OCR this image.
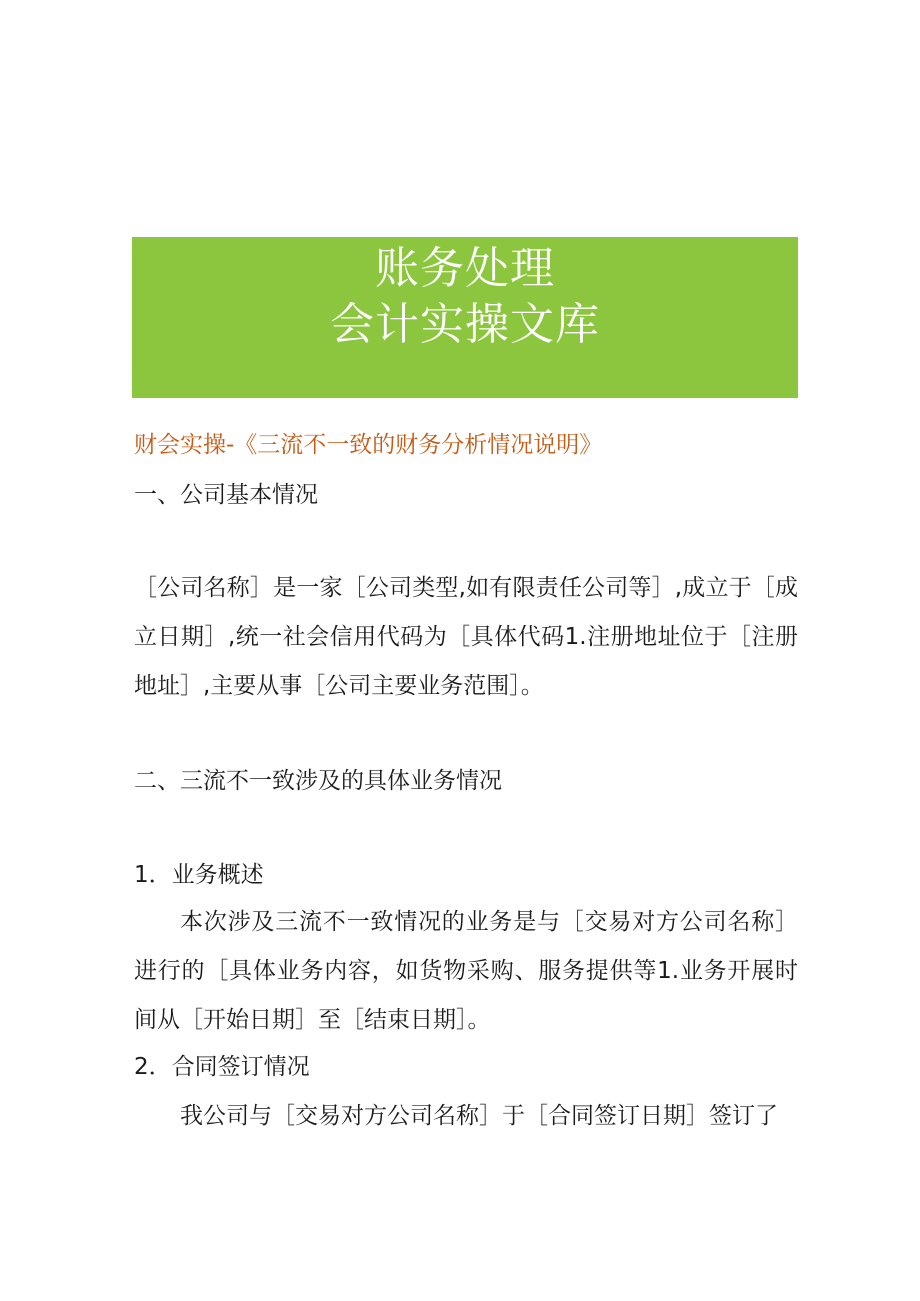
账务处理
会计实操文库
财会实操-《三流不一致的财务分析情况说明》
一、公司基本情况
［公司名称］是一家［公司类型,如有限责任公司等］,成立于［成立日期］,统一社会信用代码为［具体代码1.注册地址位于［注册地址］,主要从事［公司主要业务范围］。
二、三流不一致涉及的具体业务情况
1．业务概述
本次涉及三流不一致情况的业务是与［交易对方公司名称］进行的［具体业务内容，如货物采购、服务提供等1.业务开展时间从［开始日期］至［结束日期］。
2．合同签订情况
我公司与［交易对方公司名称］于［合同签订日期］签订了
